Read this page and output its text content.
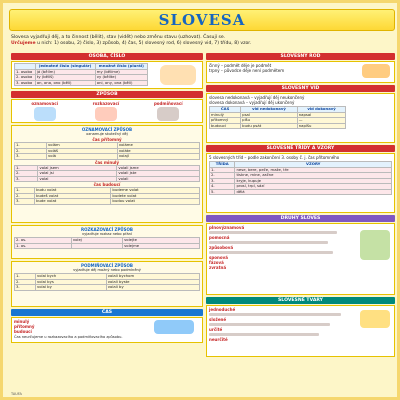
SLOVESA
Slovesa vyjadřují děj, a to činnost (bělit), stav (vidět) nebo změnu stavu (uzhovat). Časují se.
Určujeme u nich: 1) osobu, 2) číslo, 3) způsob, 4) čas, 5) slovesný rod, 6) slovesný vid, 7) třídu, 8) vzor.
OSOBA, ČÍSLO
	jednotné číslo (singulár)	množné číslo (plurál)
1. osoba	já (bělím)	my (bělíme)
2. osoba	ty (bělíš)	vy (bělíte)
3. osoba	on, ona, ono (bělí)	oni, ony, ona (bělí)
ZPŮSOB
oznamovací	rozkazovací	podmiňovací
OZNAMOVACÍ ZPŮSOB
oznamuje skutečný děj
čas přítomný
1.	volám	voláme
2.	voláš	voláte
3.	volá	volají
čas minulý
1.	volal jsem	volali jsme
2.	volal jsi	volali jste
3.	volal	volali
čas budoucí
1.	budu volat	budeme volat
2.	budeš volat	budete volat
3.	bude volat	budou volat
ROZKAZOVACÍ ZPŮSOB
vyjadřuje rozkaz nebo přání
2. os.	volej	volejte
1. os.		volejme
PODMIŇOVACÍ ZPŮSOB
vyjadřuje děj možný nebo podmíněný
1.	volal bych	volali bychom
2.	volal bys	volali byste
3.	volal by	volali by
ČAS
minulý
přítomný
budoucí
Čas neurčujeme u rozkazovacího a podmiňovacího způsobu.
SLOVESNÝ ROD
činný – podmět děje je podmět
trpný – původce děje není podmětem
SLOVESNÝ VID
slovesa nedokonavá – vyjadřují děj neukončený
slovesa dokonavá – vyjadřují děj ukončený
ČAS	vid nedokonavý	vid dokonavý
minulý	psal	napsal
přítomný	píšu	—
budoucí	budu psát	napíšu
SLOVESNÉ TŘÍDY A VZORY
5 slovesných tříd – podle zakončení 3. osoby č. j. čas přítomného
TŘÍDA	VZORY
1.	nese, bere, peče, maže, tře
2.	tiskne, mine, začne
3.	kryje, kupuje
4.	prosí, trpí, sází
5.	dělá
DRUHY SLOVES
plnovýznamová
pomocná
způsobová
sponová
fázová
zvratná
SLOVESNÉ TVARY
jednoduché
složené
určité
neurčité
TAUFA
